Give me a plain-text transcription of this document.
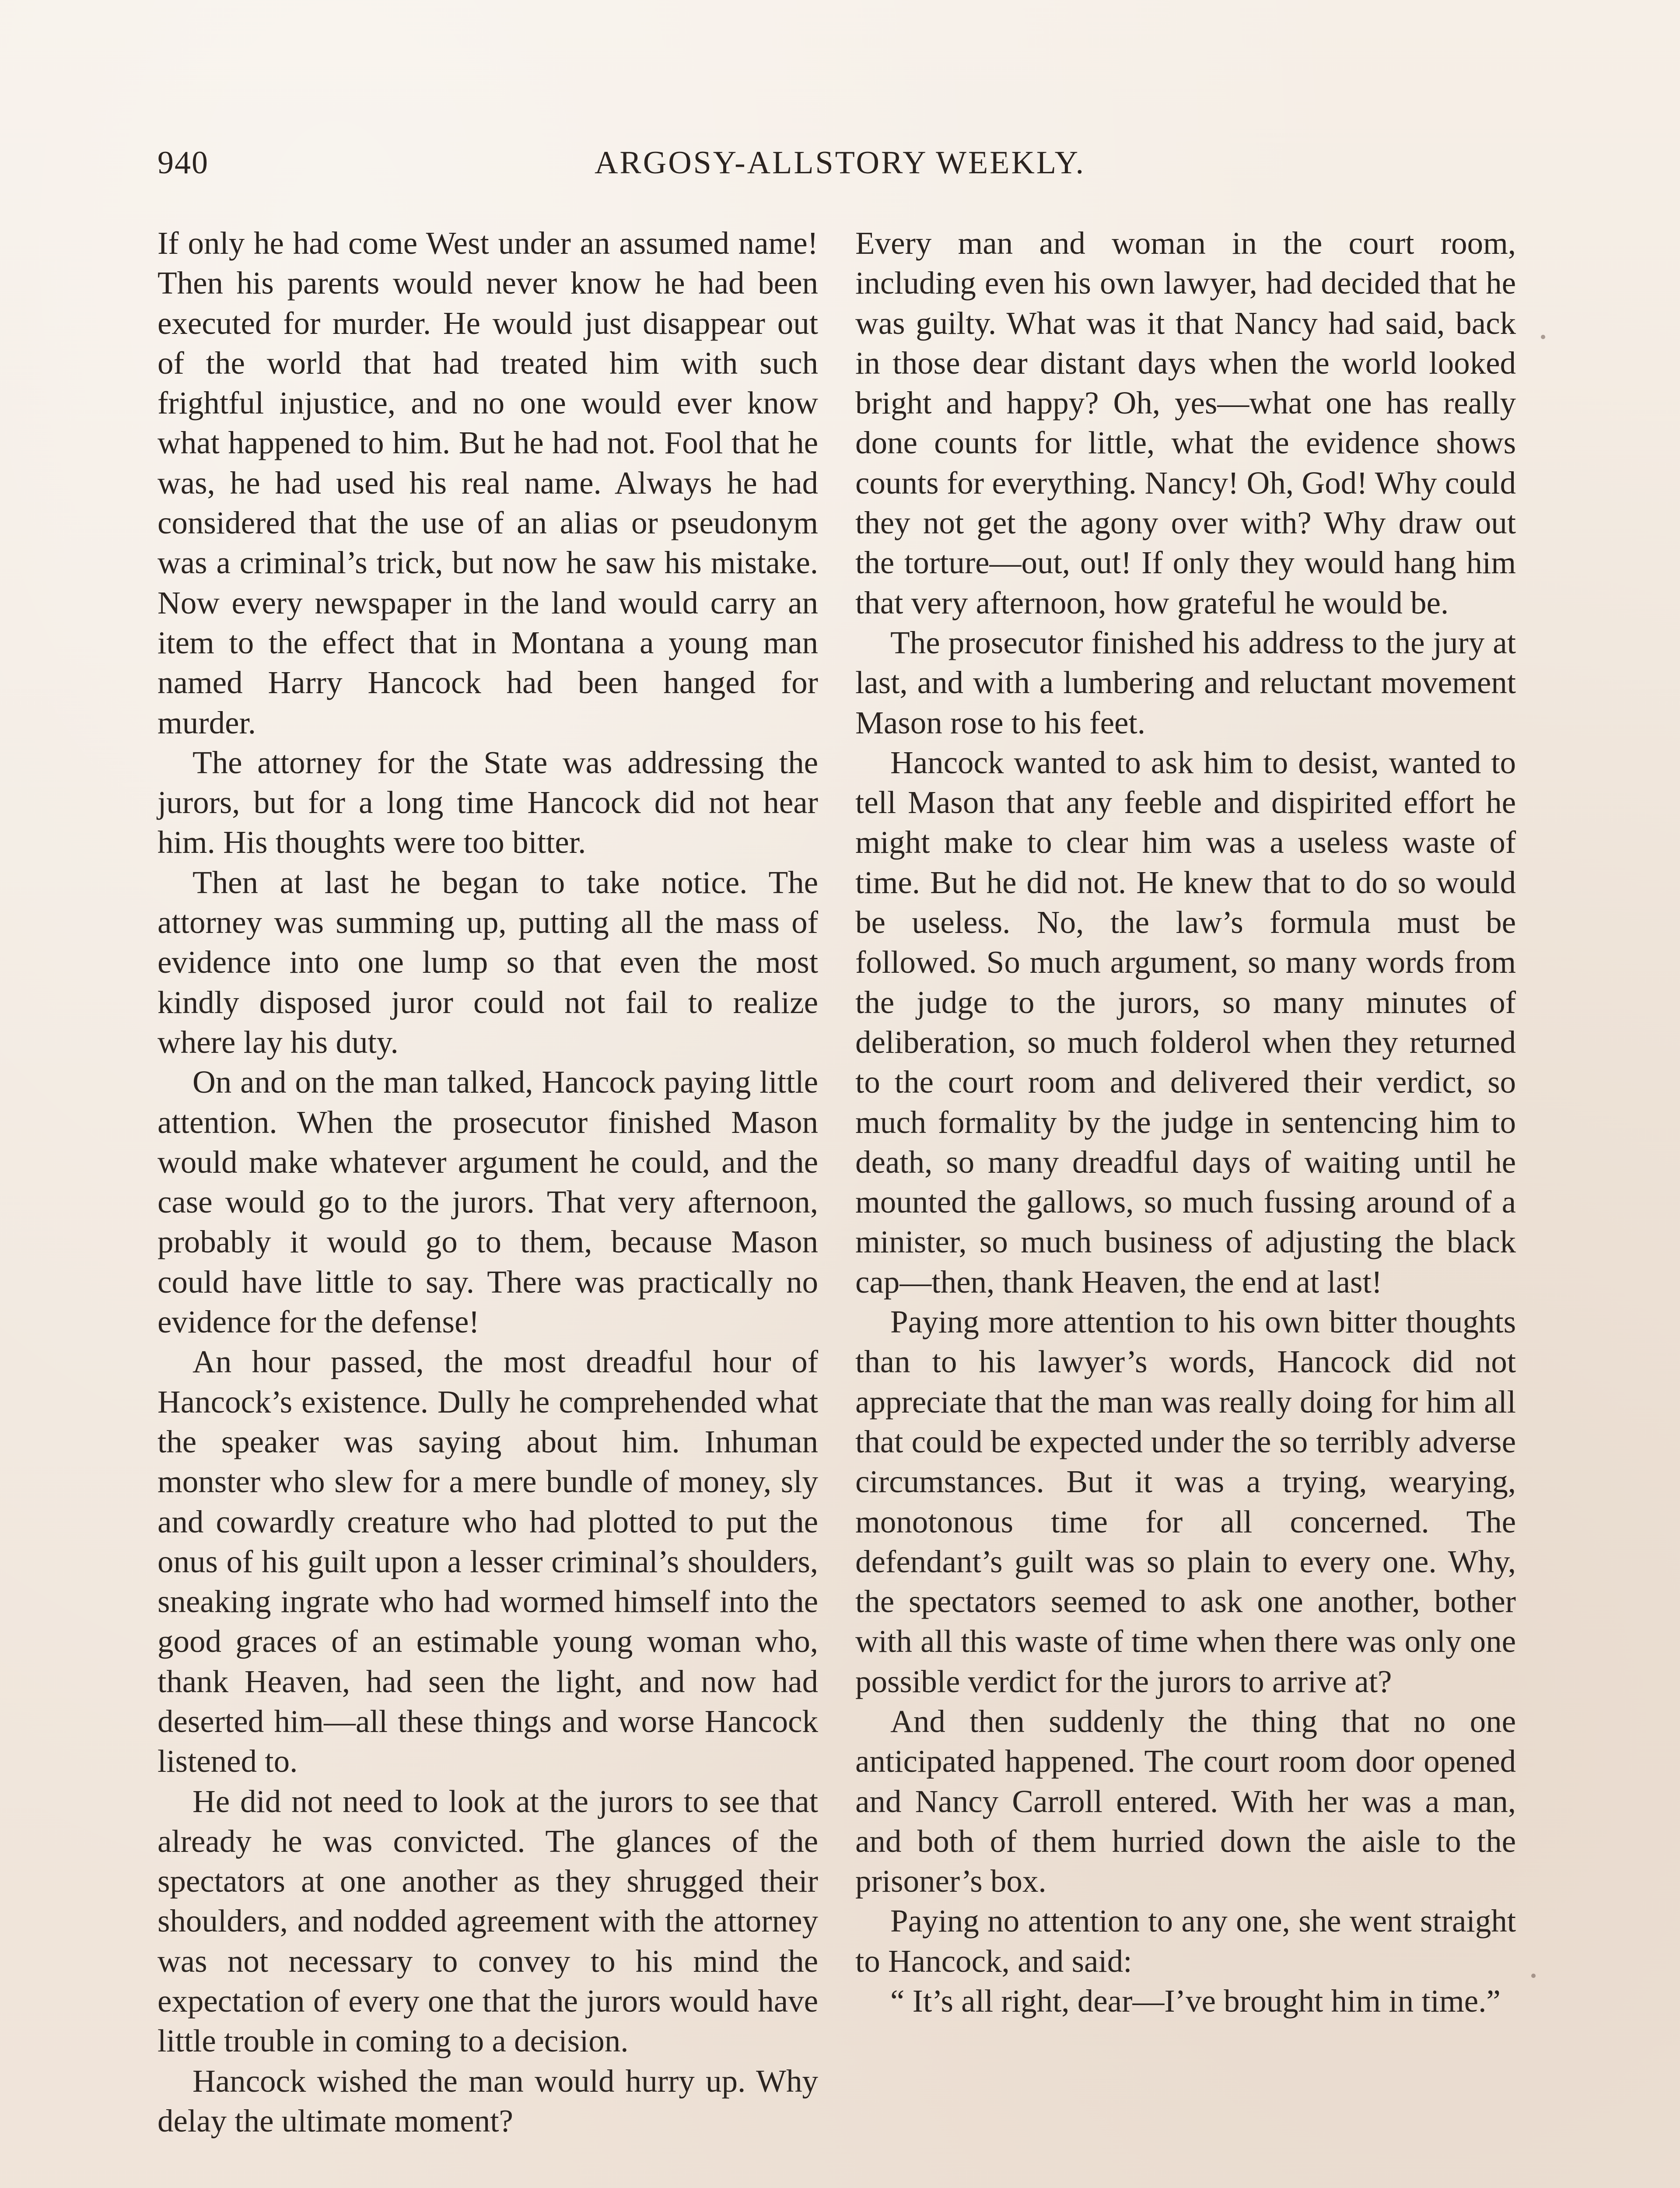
940	ARGOSY-ALLSTORY WEEKLY.

If only he had come West under an assumed name! Then his parents would never know he had been executed for murder. He would just disappear out of the world that had treated him with such frightful injustice, and no one would ever know what happened to him. But he had not. Fool that he was, he had used his real name. Always he had considered that the use of an alias or pseudonym was a criminal’s trick, but now he saw his mistake. Now every newspaper in the land would carry an item to the effect that in Montana a young man named Harry Hancock had been hanged for murder.

The attorney for the State was addressing the jurors, but for a long time Hancock did not hear him. His thoughts were too bitter.

Then at last he began to take notice. The attorney was summing up, putting all the mass of evidence into one lump so that even the most kindly disposed juror could not fail to realize where lay his duty.

On and on the man talked, Hancock paying little attention. When the prosecutor finished Mason would make whatever argument he could, and the case would go to the jurors. That very afternoon, probably it would go to them, because Mason could have little to say. There was practically no evidence for the defense!

An hour passed, the most dreadful hour of Hancock’s existence. Dully he comprehended what the speaker was saying about him. Inhuman monster who slew for a mere bundle of money, sly and cowardly creature who had plotted to put the onus of his guilt upon a lesser criminal’s shoulders, sneaking ingrate who had wormed himself into the good graces of an estimable young woman who, thank Heaven, had seen the light, and now had deserted him—all these things and worse Hancock listened to.

He did not need to look at the jurors to see that already he was convicted. The glances of the spectators at one another as they shrugged their shoulders, and nodded agreement with the attorney was not necessary to convey to his mind the expectation of every one that the jurors would have little trouble in coming to a decision.

Hancock wished the man would hurry up. Why delay the ultimate moment?

Every man and woman in the court room, including even his own lawyer, had decided that he was guilty. What was it that Nancy had said, back in those dear distant days when the world looked bright and happy? Oh, yes—what one has really done counts for little, what the evidence shows counts for everything. Nancy! Oh, God! Why could they not get the agony over with? Why draw out the torture—out, out! If only they would hang him that very afternoon, how grateful he would be.

The prosecutor finished his address to the jury at last, and with a lumbering and reluctant movement Mason rose to his feet.

Hancock wanted to ask him to desist, wanted to tell Mason that any feeble and dispirited effort he might make to clear him was a useless waste of time. But he did not. He knew that to do so would be useless. No, the law’s formula must be followed. So much argument, so many words from the judge to the jurors, so many minutes of deliberation, so much folderol when they returned to the court room and delivered their verdict, so much formality by the judge in sentencing him to death, so many dreadful days of waiting until he mounted the gallows, so much fussing around of a minister, so much business of adjusting the black cap—then, thank Heaven, the end at last!

Paying more attention to his own bitter thoughts than to his lawyer’s words, Hancock did not appreciate that the man was really doing for him all that could be expected under the so terribly adverse circumstances. But it was a trying, wearying, monotonous time for all concerned. The defendant’s guilt was so plain to every one. Why, the spectators seemed to ask one another, bother with all this waste of time when there was only one possible verdict for the jurors to arrive at?

And then suddenly the thing that no one anticipated happened. The court room door opened and Nancy Carroll entered. With her was a man, and both of them hurried down the aisle to the prisoner’s box.

Paying no attention to any one, she went straight to Hancock, and said:

“ It’s all right, dear—I’ve brought him in time.”
